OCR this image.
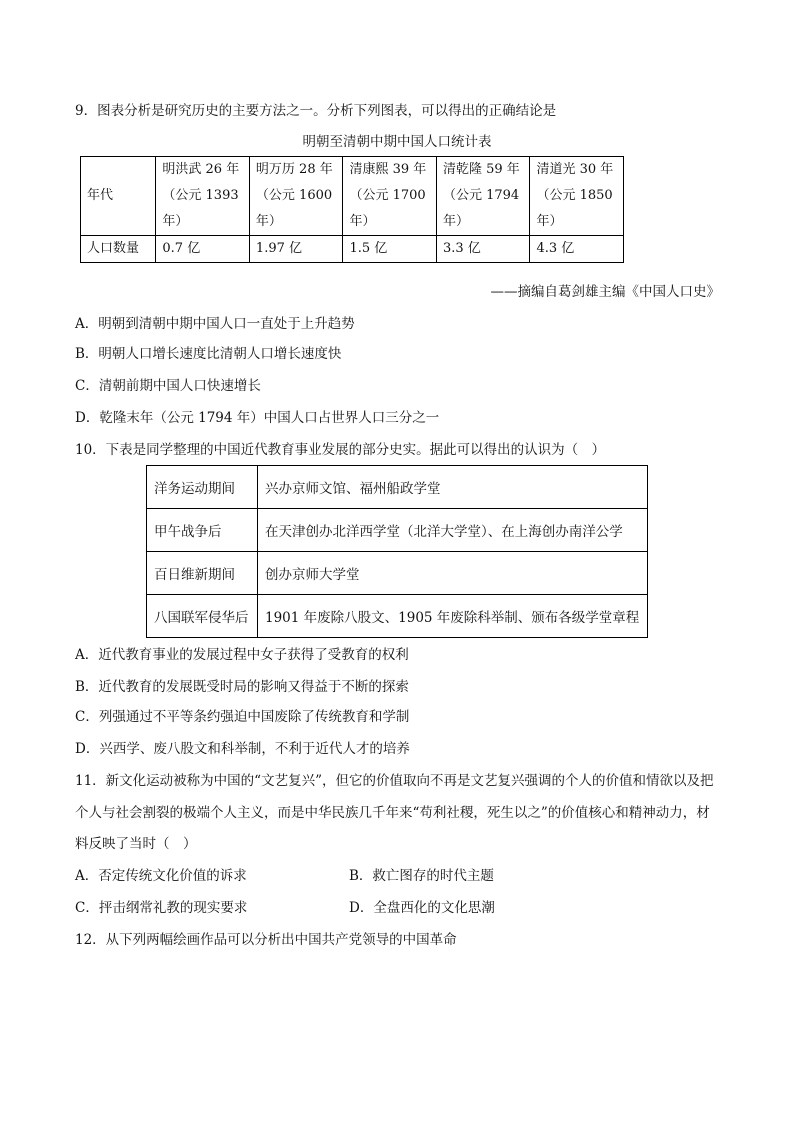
9．图表分析是研究历史的主要方法之一。分析下列图表，可以得出的正确结论是
明朝至清朝中期中国人口统计表
年代	明洪武 26 年
（公元 1393
年）	明万历 28 年
（公元 1600
年）	清康熙 39 年
（公元 1700
年）	清乾隆 59 年
（公元 1794
年）	清道光 30 年
（公元 1850
年）
人口数量	0.7 亿	1.97 亿	1.5 亿	3.3 亿	4.3 亿
——摘编自葛剑雄主编《中国人口史》
A．明朝到清朝中期中国人口一直处于上升趋势
B．明朝人口增长速度比清朝人口增长速度快
C．清朝前期中国人口快速增长
D．乾隆末年（公元 1794 年）中国人口占世界人口三分之一
10．下表是同学整理的中国近代教育事业发展的部分史实。据此可以得出的认识为（　）
洋务运动期间	兴办京师文馆、福州船政学堂
甲午战争后	在天津创办北洋西学堂（北洋大学堂）、在上海创办南洋公学
百日维新期间	创办京师大学堂
八国联军侵华后	1901 年废除八股文、1905 年废除科举制、颁布各级学堂章程
A．近代教育事业的发展过程中女子获得了受教育的权利
B．近代教育的发展既受时局的影响又得益于不断的探索
C．列强通过不平等条约强迫中国废除了传统教育和学制
D．兴西学、废八股文和科举制，不利于近代人才的培养
11．新文化运动被称为中国的“文艺复兴”，但它的价值取向不再是文艺复兴强调的个人的价值和情欲以及把
个人与社会割裂的极端个人主义，而是中华民族几千年来“苟利社稷，死生以之”的价值核心和精神动力，材
料反映了当时（　）
A．否定传统文化价值的诉求	B．救亡图存的时代主题
C．抨击纲常礼教的现实要求	D．全盘西化的文化思潮
12．从下列两幅绘画作品可以分析出中国共产党领导的中国革命
